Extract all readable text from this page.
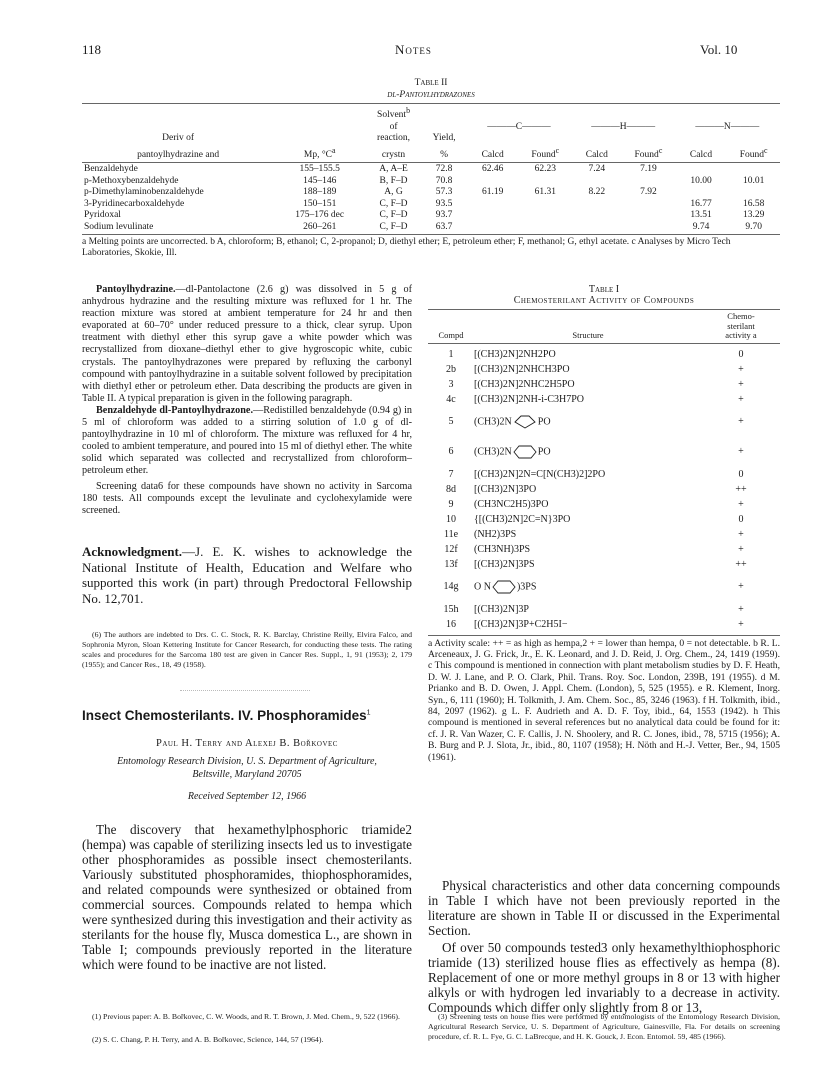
118	Notes	Vol. 10
Table II
dl-Pantoylhydrazones
		Solvent$^b$							
		of		———C———		———H———		———N———	
Deriv of		reaction,	Yield,						
pantoylhydrazine and	Mp, $^\circ C^a$	crystn	%	Calcd	Found$^c$	Calcd	Found$^c$	Calcd	Found$^c$

Benzaldehyde	155–155.5	A, A–E	72.8	62.46	62.23	7.24	7.19		
p-Methoxybenzaldehyde	145–146	B, F–D	70.8					10.00	10.01
p-Dimethylaminobenzaldehyde	188–189	A, G	57.3	61.19	61.31	8.22	7.92		
3-Pyridinecarboxaldehyde	150–151	C, F–D	93.5					16.77	16.58
Pyridoxal	175–176 dec	C, F–D	93.7					13.51	13.29
Sodium levulinate	260–261	C, F–D	63.7					9.74	9.70
a Melting points are uncorrected. b A, chloroform; B, ethanol; C, 2-propanol; D, diethyl ether; E, petroleum ether; F, methanol; G, ethyl acetate. c Analyses by Micro Tech Laboratories, Skokie, Ill.
Pantoylhydrazine.—dl-Pantolactone (2.6 g) was dissolved in 5 g of anhydrous hydrazine and the resulting mixture was refluxed for 1 hr. The reaction mixture was stored at ambient temperature for 24 hr and then evaporated at 60–70° under reduced pressure to a thick, clear syrup. Upon treatment with diethyl ether this syrup gave a white powder which was recrystallized from dioxane–diethyl ether to give hygroscopic white, cubic crystals. The pantoylhydrazones were prepared by refluxing the carbonyl compound with pantoylhydrazine in a suitable solvent followed by precipitation with diethyl ether or petroleum ether. Data describing the products are given in Table II. A typical preparation is given in the following paragraph.
Benzaldehyde dl-Pantoylhydrazone.—Redistilled benzaldehyde (0.94 g) in 5 ml of chloroform was added to a stirring solution of 1.0 g of dl-pantoylhydrazine in 10 ml of chloroform. The mixture was refluxed for 4 hr, cooled to ambient temperature, and poured into 15 ml of diethyl ether. The white solid which separated was collected and recrystallized from chloroform–petroleum ether.
Screening data6 for these compounds have shown no activity in Sarcoma 180 tests. All compounds except the levulinate and cyclohexylamide were screened.
Acknowledgment.—J. E. K. wishes to acknowledge the National Institute of Health, Education and Welfare who supported this work (in part) through Predoctoral Fellowship No. 12,701.
(6) The authors are indebted to Drs. C. C. Stock, R. K. Barclay, Christine Reilly, Elvira Falco, and Sophronia Myron, Sloan Kettering Institute for Cancer Research, for conducting these tests. The rating scales and procedures for the Sarcoma 180 test are given in Cancer Res. Suppl., 1, 91 (1953); 2, 179 (1955); and Cancer Res., 18, 49 (1958).
Insect Chemosterilants. IV. Phosphoramides$^1$
Paul H. Terry and Alexej B. Bořkovec
Entomology Research Division, U. S. Department of Agriculture,
Beltsville, Maryland 20705
Received September 12, 1966
The discovery that hexamethylphosphoric triamide2 (hempa) was capable of sterilizing insects led us to investigate other phosphoramides as possible insect chemosterilants. Variously substituted phosphoramides, thiophosphoramides, and related compounds were synthesized or obtained from commercial sources. Compounds related to hempa which were synthesized during this investigation and their activity as sterilants for the house fly, Musca domestica L., are shown in Table I; compounds previously reported in the literature which were found to be inactive are not listed.
(1) Previous paper: A. B. Bořkovec, C. W. Woods, and R. T. Brown, J. Med. Chem., 9, 522 (1966).
(2) S. C. Chang, P. H. Terry, and A. B. Bořkovec, Science, 144, 57 (1964).
Table I
Chemosterilant Activity of Compounds
		Chemo-
		sterilant
Compd	Structure	activity a

1	[(CH3)2N]2NH2PO	0
2b	[(CH3)2N]2NHCH3PO	+
3	[(CH3)2N]2NHC2H5PO	+
4c	[(CH3)2N]2NH-i-C3H7PO	+
5	(CH3)2N PO	+
6	(CH3)2N PO	+
7	[(CH3)2N]2N=C[N(CH3)2]2PO	0
8d	[(CH3)2N]3PO	++
9	(CH3NC2H5)3PO	+
10	{[(CH3)2N]2C=N}3PO	0
11e	(NH2)3PS	+
12f	(CH3NH)3PS	+
13f	[(CH3)2N]3PS	++
14g	O N )3PS	+
15h	[(CH3)2N]3P	+
16	[(CH3)2N]3P+C2H5I−	+
a Activity scale: ++ = as high as hempa,2 + = lower than hempa, 0 = not detectable. b R. L. Arceneaux, J. G. Frick, Jr., E. K. Leonard, and J. D. Reid, J. Org. Chem., 24, 1419 (1959). c This compound is mentioned in connection with plant metabolism studies by D. F. Heath, D. W. J. Lane, and P. O. Clark, Phil. Trans. Roy. Soc. London, 239B, 191 (1955). d M. Prianko and B. D. Owen, J. Appl. Chem. (London), 5, 525 (1955). e R. Klement, Inorg. Syn., 6, 111 (1960); H. Tolkmith, J. Am. Chem. Soc., 85, 3246 (1963). f H. Tolkmith, ibid., 84, 2097 (1962). g L. F. Audrieth and A. D. F. Toy, ibid., 64, 1553 (1942). h This compound is mentioned in several references but no analytical data could be found for it: cf. J. R. Van Wazer, C. F. Callis, J. N. Shoolery, and R. C. Jones, ibid., 78, 5715 (1956); A. B. Burg and P. J. Slota, Jr., ibid., 80, 1107 (1958); H. Nöth and H.-J. Vetter, Ber., 94, 1505 (1961).
Physical characteristics and other data concerning compounds in Table I which have not been previously reported in the literature are shown in Table II or discussed in the Experimental Section.
Of over 50 compounds tested3 only hexamethylthiophosphoric triamide (13) sterilized house flies as effectively as hempa (8). Replacement of one or more methyl groups in 8 or 13 with higher alkyls or with hydrogen led invariably to a decrease in activity. Compounds which differ only slightly from 8 or 13,
(3) Screening tests on house flies were performed by entomologists of the Entomology Research Division, Agricultural Research Service, U. S. Department of Agriculture, Gainesville, Fla. For details on screening procedure, cf. R. L. Fye, G. C. LaBrecque, and H. K. Gouck, J. Econ. Entomol. 59, 485 (1966).
